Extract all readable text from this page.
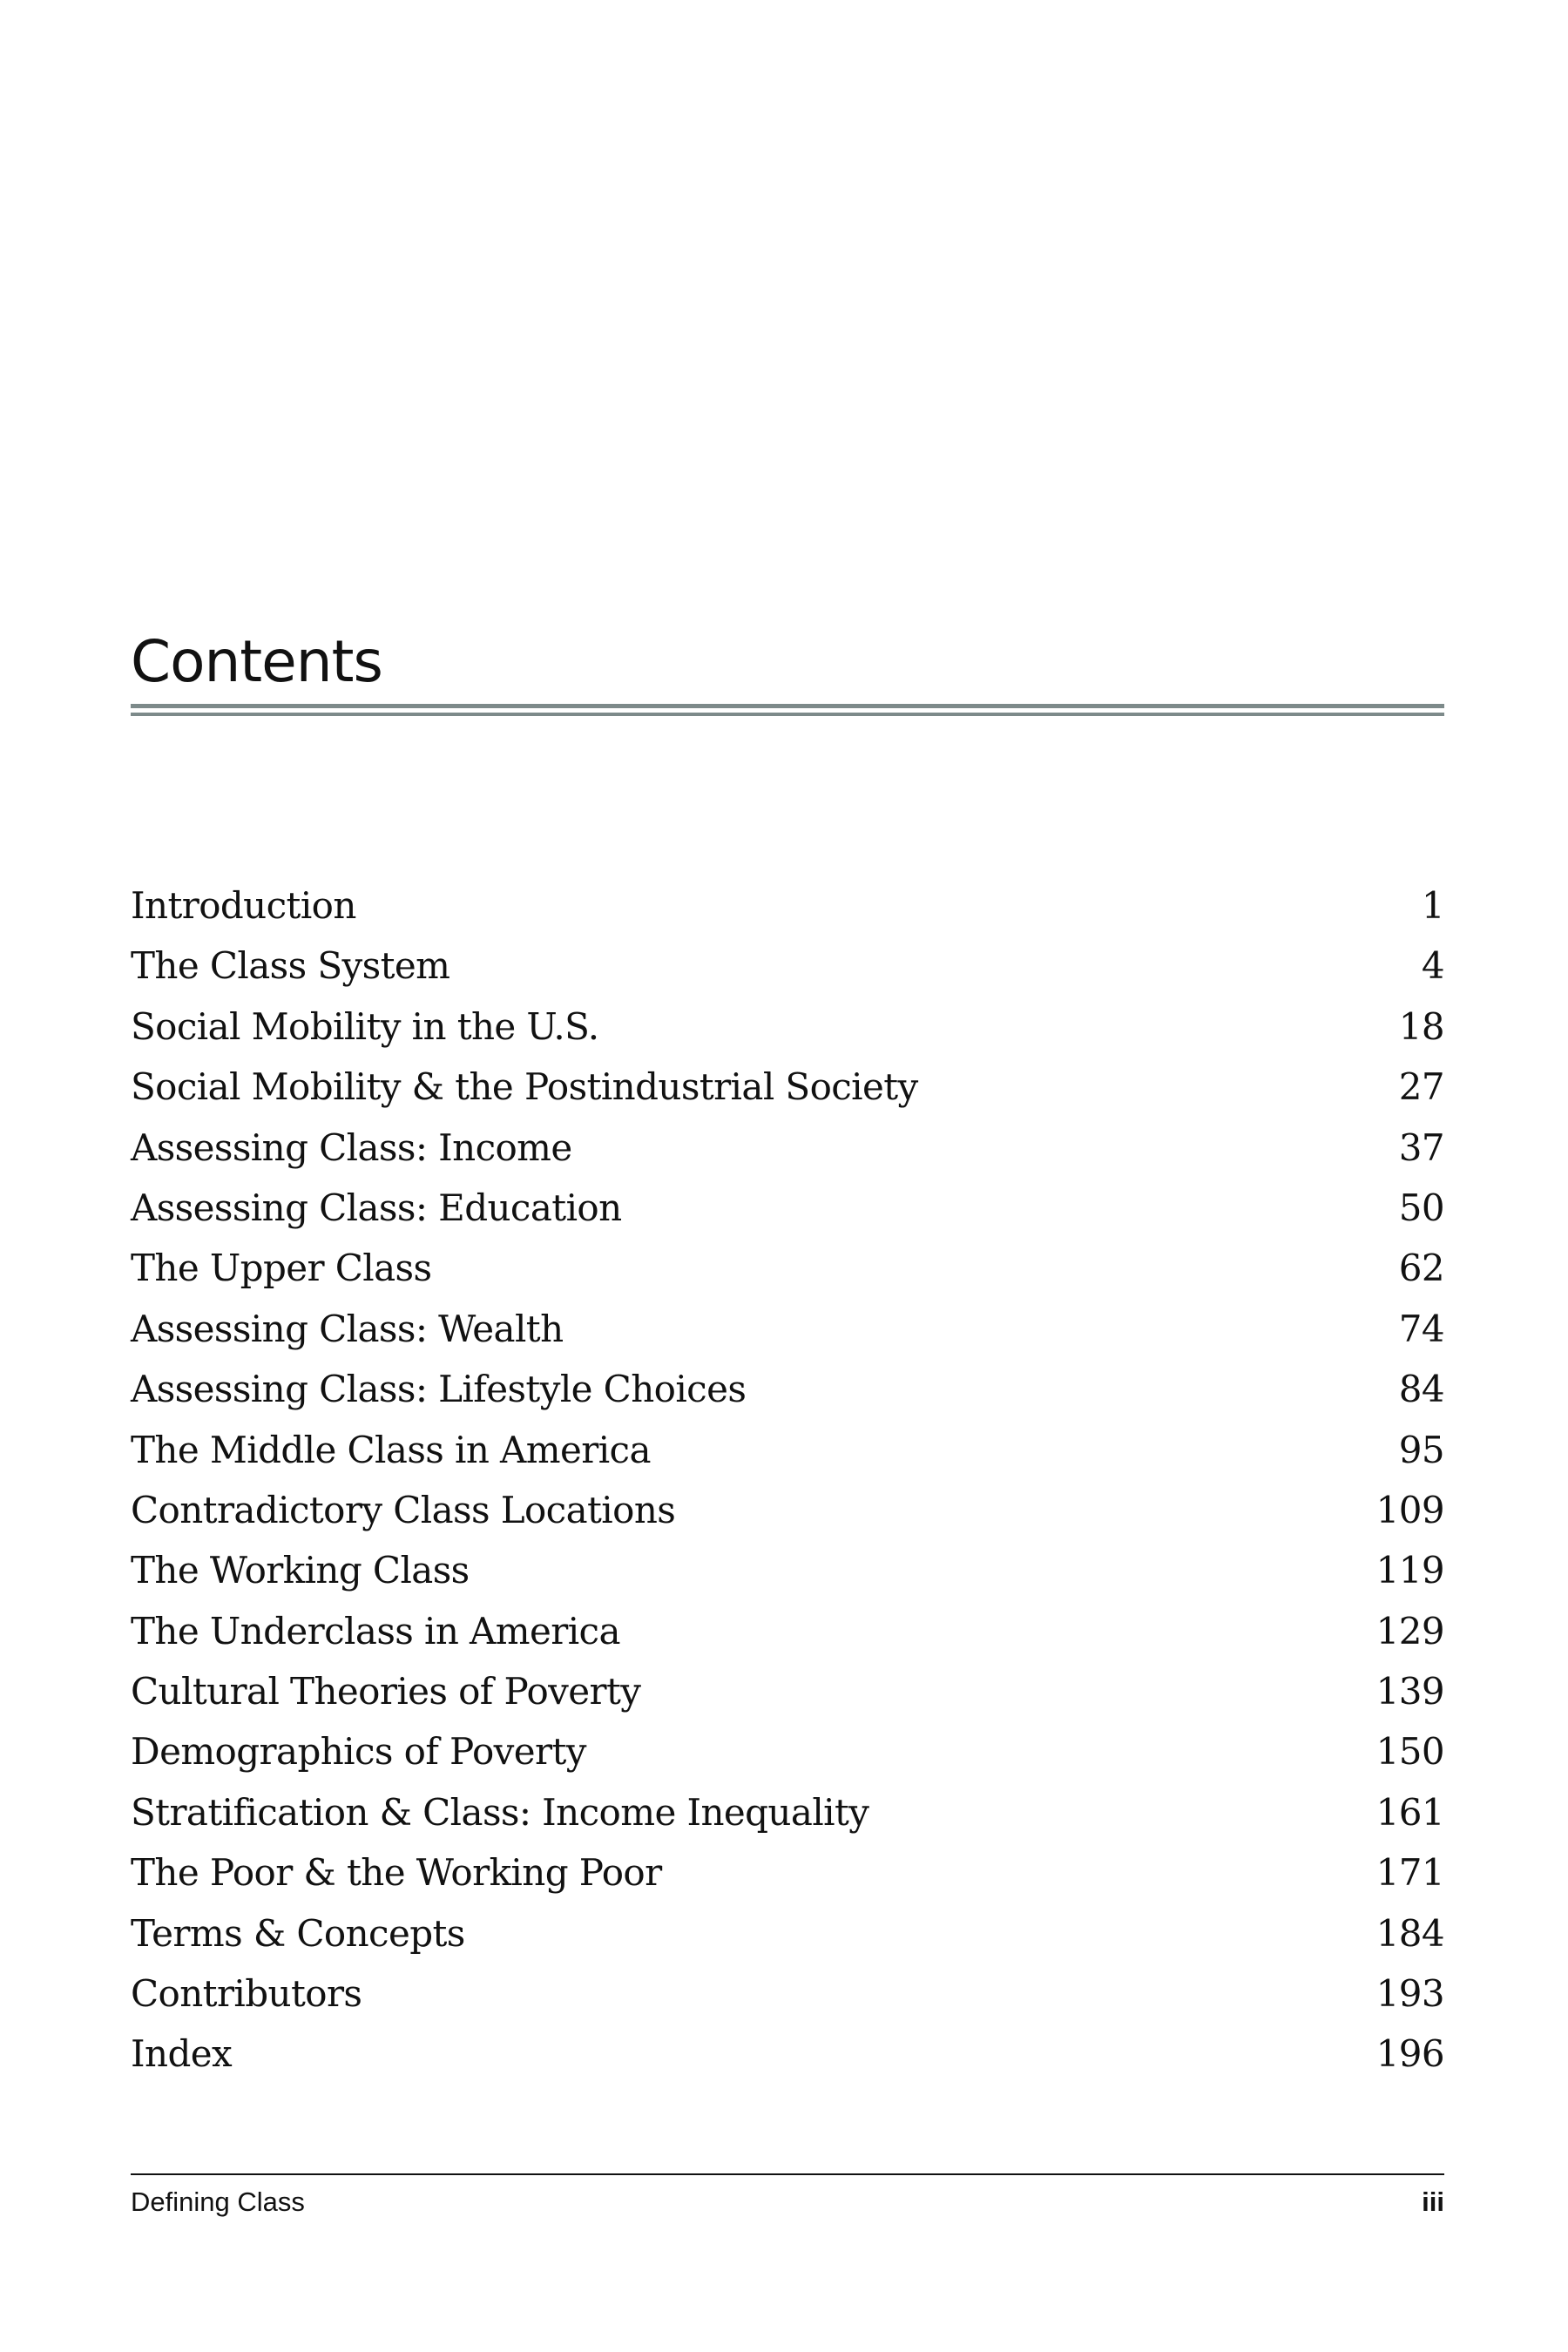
Contents
Introduction	1
The Class System	4
Social Mobility in the U.S.	18
Social Mobility & the Postindustrial Society	27
Assessing Class: Income	37
Assessing Class: Education	50
The Upper Class	62
Assessing Class: Wealth	74
Assessing Class: Lifestyle Choices	84
The Middle Class in America	95
Contradictory Class Locations	109
The Working Class	119
The Underclass in America	129
Cultural Theories of Poverty	139
Demographics of Poverty	150
Stratification & Class: Income Inequality	161
The Poor & the Working Poor	171
Terms & Concepts	184
Contributors	193
Index	196
Defining Class	iii
